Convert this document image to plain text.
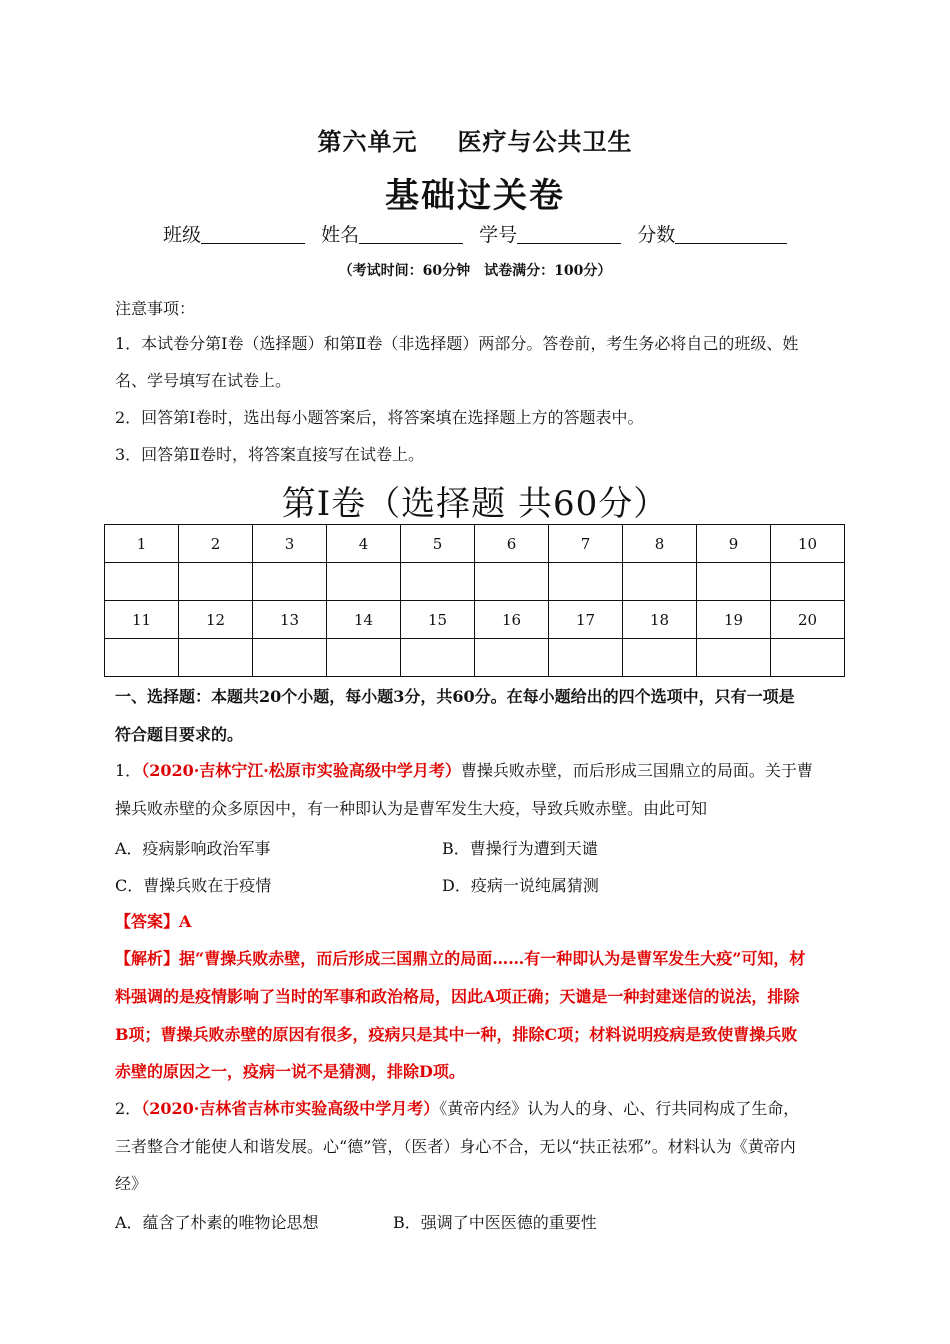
第六单元 医疗与公共卫生
基础过关卷
班级	姓名	学号	分数
（考试时间：60分钟　试卷满分：100分）
注意事项：
1．本试卷分第Ⅰ卷（选择题）和第Ⅱ卷（非选择题）两部分。答卷前，考生务必将自己的班级、姓
名、学号填写在试卷上。
2．回答第Ⅰ卷时，选出每小题答案后，将答案填在选择题上方的答题表中。
3．回答第Ⅱ卷时，将答案直接写在试卷上。
第Ⅰ卷（选择题 共60分）
1	2	3	4	5	6	7	8	9	10

11	12	13	14	15	16	17	18	19	20

一、选择题：本题共20个小题，每小题3分，共60分。在每小题给出的四个选项中，只有一项是
符合题目要求的。
1．（2020·吉林宁江·松原市实验高级中学月考）曹操兵败赤壁，而后形成三国鼎立的局面。关于曹
操兵败赤壁的众多原因中，有一种即认为是曹军发生大疫，导致兵败赤壁。由此可知
A．疫病影响政治军事	B．曹操行为遭到天谴
C．曹操兵败在于疫情	D．疫病一说纯属猜测
【答案】A
【解析】据“曹操兵败赤壁，而后形成三国鼎立的局面……有一种即认为是曹军发生大疫”可知，材
料强调的是疫情影响了当时的军事和政治格局，因此A项正确；天谴是一种封建迷信的说法，排除
B项；曹操兵败赤壁的原因有很多，疫病只是其中一种，排除C项；材料说明疫病是致使曹操兵败
赤壁的原因之一，疫病一说不是猜测，排除D项。
2．（2020·吉林省吉林市实验高级中学月考）《黄帝内经》认为人的身、心、行共同构成了生命，
三者整合才能使人和谐发展。心“德”管，（医者）身心不合，无以“扶正祛邪”。材料认为《黄帝内
经》
A．蕴含了朴素的唯物论思想	B．强调了中医医德的重要性
